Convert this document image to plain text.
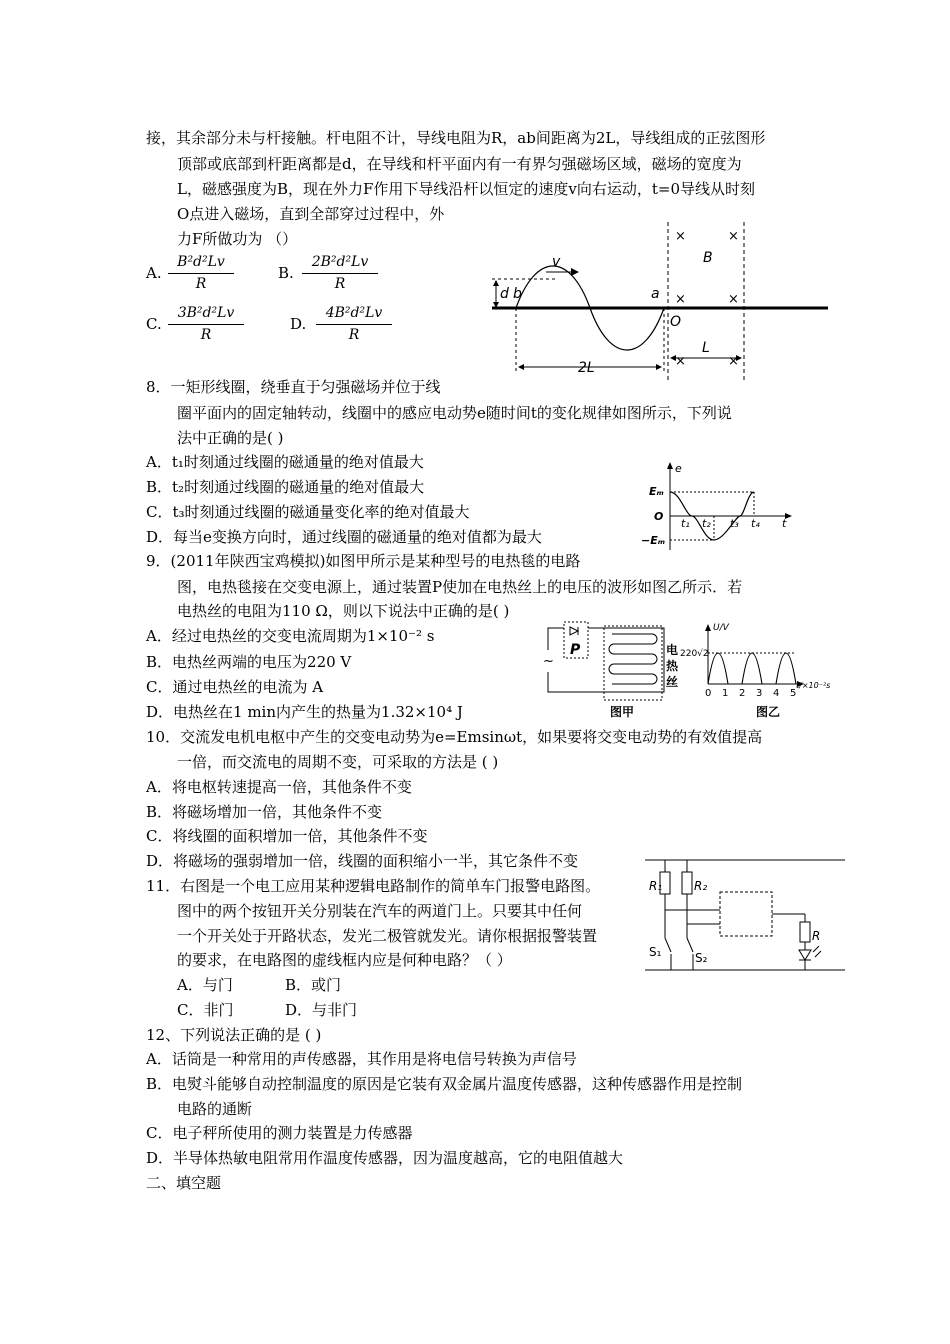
接，其余部分未与杆接触。杆电阻不计，导线电阻为R，ab间距离为2L，导线组成的正弦图形
顶部或底部到杆距离都是d，在导线和杆平面内有一有界匀强磁场区域，磁场的宽度为
L，磁感强度为B，现在外力F作用下导线沿杆以恒定的速度v向右运动，t=0导线从时刻
O点进入磁场，直到全部穿过过程中，外
力F所做功为 （）
A.
B²d²Lv
R
B.
2B²d²Lv
R
C.
3B²d²Lv
R
D.
4B²d²Lv
R
d b
v
a
O
B
L
2L
×	×
×	×
×	×
8．一矩形线圈，绕垂直于匀强磁场并位于线
圈平面内的固定轴转动，线圈中的感应电动势e随时间t的变化规律如图所示，下列说
法中正确的是( )
A．t₁时刻通过线圈的磁通量的绝对值最大
B．t₂时刻通过线圈的磁通量的绝对值最大
C．t₃时刻通过线圈的磁通量变化率的绝对值最大
D．每当e变换方向时，通过线圈的磁通量的绝对值都为最大
e
Eₘ
O
−Eₘ
t₁ t₂ t₃ t₄ t
9．(2011年陕西宝鸡模拟)如图甲所示是某种型号的电热毯的电路
图，电热毯接在交变电源上，通过装置P使加在电热丝上的电压的波形如图乙所示．若
电热丝的电阻为110 Ω，则以下说法中正确的是( )
A．经过电热丝的交变电流周期为1×10⁻² s
B．电热丝两端的电压为220 V
C．通过电热丝的电流为 A
D．电热丝在1 min内产生的热量为1.32×10⁴ J
~
P	电
热
丝
图甲
U/V
220√2
0 1 2 3 4 5
t/×10⁻²s
图乙
10．交流发电机电枢中产生的交变电动势为e=Emsinωt，如果要将交变电动势的有效值提高
一倍，而交流电的周期不变，可采取的方法是 ( )
A．将电枢转速提高一倍，其他条件不变
B．将磁场增加一倍，其他条件不变
C．将线圈的面积增加一倍，其他条件不变
D．将磁场的强弱增加一倍，线圈的面积缩小一半，其它条件不变
11．右图是一个电工应用某种逻辑电路制作的简单车门报警电路图。
图中的两个按钮开关分别装在汽车的两道门上。只要其中任何
一个开关处于开路状态，发光二极管就发光。请你根据报警装置
的要求，在电路图的虚线框内应是何种电路？（ ）
A．与门	B．或门
C．非门	D．与非门
R₁	R₂
S₁	S₂
R
12、下列说法正确的是 ( )
A．话筒是一种常用的声传感器，其作用是将电信号转换为声信号
B．电熨斗能够自动控制温度的原因是它装有双金属片温度传感器，这种传感器作用是控制
电路的通断
C．电子秤所使用的测力装置是力传感器
D．半导体热敏电阻常用作温度传感器，因为温度越高，它的电阻值越大
二、填空题
